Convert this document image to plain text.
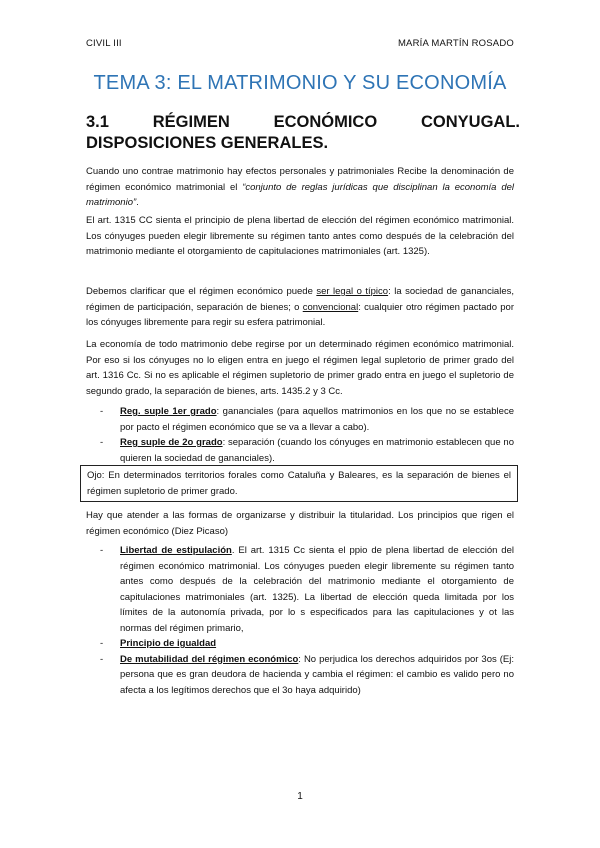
CIVIL III	MARÍA MARTÍN ROSADO
TEMA 3: EL MATRIMONIO Y SU ECONOMÍA
3.1 RÉGIMEN ECONÓMICO CONYUGAL. DISPOSICIONES GENERALES.

Cuando uno contrae matrimonio hay efectos personales y patrimoniales Recibe la denominación de régimen económico matrimonial el “conjunto de reglas jurídicas que disciplinan la economía del matrimonio”.

El art. 1315 CC sienta el principio de plena libertad de elección del régimen económico matrimonial. Los cónyuges pueden elegir libremente su régimen tanto antes como después de la celebración del matrimonio mediante el otorgamiento de capitulaciones matrimoniales (art. 1325).

Debemos clarificar que el régimen económico puede ser legal o típico: la sociedad de gananciales, régimen de participación, separación de bienes; o convencional: cualquier otro régimen pactado por los cónyuges libremente para regir su esfera patrimonial.

La economía de todo matrimonio debe regirse por un determinado régimen económico matrimonial. Por eso si los cónyuges no lo eligen entra en juego el régimen legal supletorio de primer grado del art. 1316 Cc. Si no es aplicable el régimen supletorio de primer grado entra en juego el supletorio de segundo grado, la separación de bienes, arts. 1435.2 y 3 Cc.

- Reg. suple 1er grado: gananciales (para aquellos matrimonios en los que no se establece por pacto el régimen económico que se va a llevar a cabo).
- Reg suple de 2o grado: separación (cuando los cónyuges en matrimonio establecen que no quieren la sociedad de gananciales).
Ojo: En determinados territorios forales como Cataluña y Baleares, es la separación de bienes el régimen supletorio de primer grado.

Hay que atender a las formas de organizarse y distribuir la titularidad. Los principios que rigen el régimen económico (Diez Picaso)

- Libertad de estipulación. El art. 1315 Cc sienta el ppio de plena libertad de elección del régimen económico matrimonial. Los cónyuges pueden elegir libremente su régimen tanto antes como después de la celebración del matrimonio mediante el otorgamiento de capitulaciones matrimoniales (art. 1325). La libertad de elección queda limitada por los límites de la autonomía privada, por lo s especificados para las capitulaciones y ot las normas del régimen primario,
- Principio de igualdad
- De mutabilidad del régimen económico: No perjudica los derechos adquiridos por 3os (Ej: persona que es gran deudora de hacienda y cambia el régimen: el cambio es valido pero no afecta a los legítimos derechos que el 3o haya adquirido)
1
